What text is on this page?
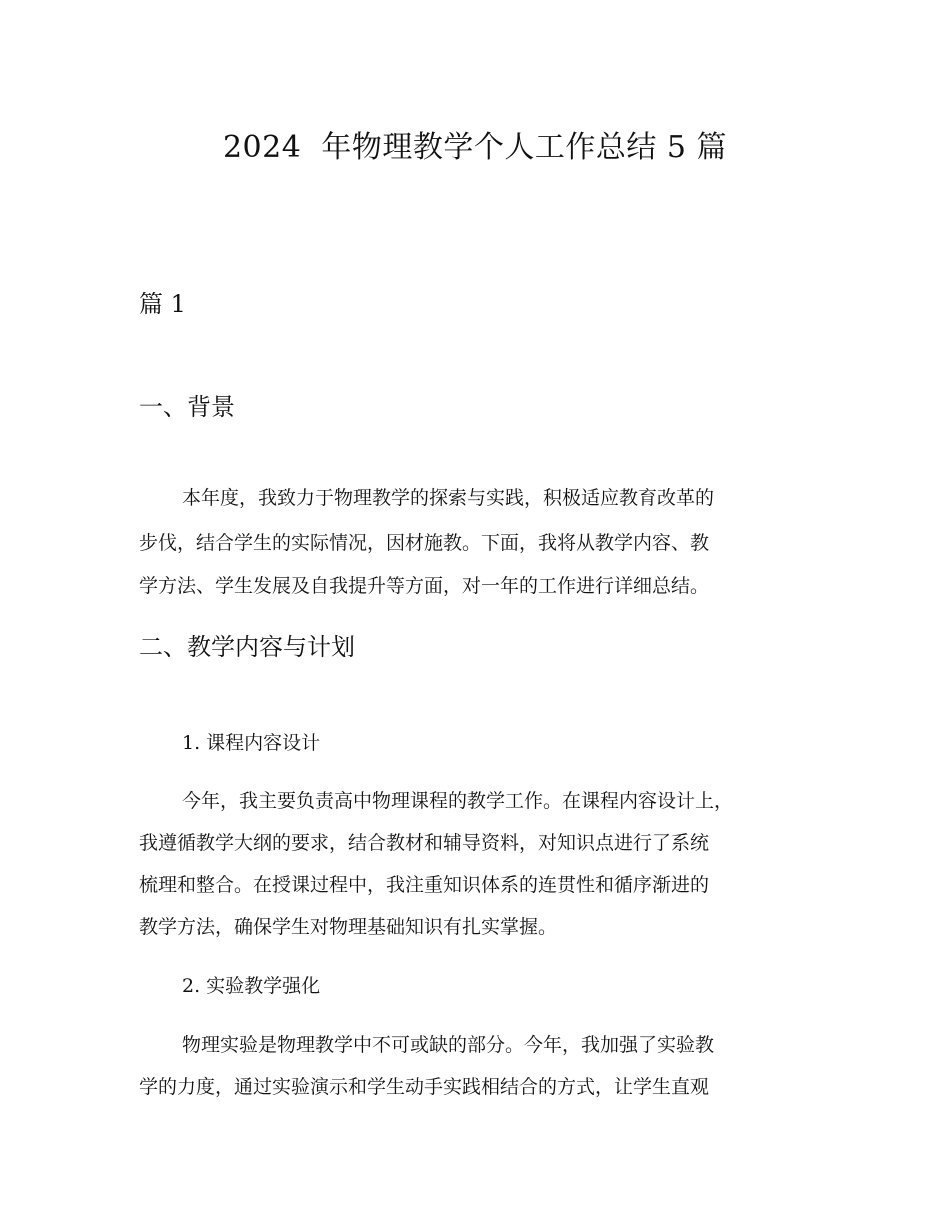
2024  年物理教学个人工作总结 5 篇
篇 1
一、背景
本年度，我致力于物理教学的探索与实践，积极适应教育改革的
步伐，结合学生的实际情况，因材施教。下面，我将从教学内容、教
学方法、学生发展及自我提升等方面，对一年的工作进行详细总结。
二、教学内容与计划
1. 课程内容设计
今年，我主要负责高中物理课程的教学工作。在课程内容设计上，
我遵循教学大纲的要求，结合教材和辅导资料，对知识点进行了系统
梳理和整合。在授课过程中，我注重知识体系的连贯性和循序渐进的
教学方法，确保学生对物理基础知识有扎实掌握。
2. 实验教学强化
物理实验是物理教学中不可或缺的部分。今年，我加强了实验教
学的力度，通过实验演示和学生动手实践相结合的方式，让学生直观
